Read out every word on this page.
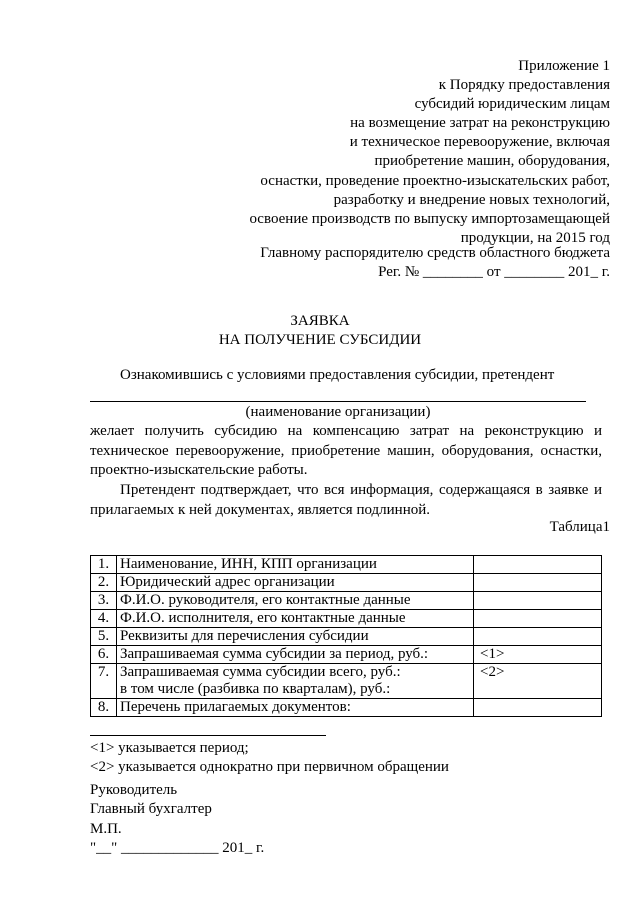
Приложение 1
к Порядку предоставления
субсидий юридическим лицам
на возмещение затрат на реконструкцию
и техническое перевооружение, включая
приобретение машин, оборудования,
оснастки, проведение проектно-изыскательских работ,
разработку и внедрение новых технологий,
освоение производств по выпуску импортозамещающей
продукции, на 2015 год
Главному распорядителю средств областного бюджета
Рег. № ________ от ________ 201_ г.
ЗАЯВКА
НА ПОЛУЧЕНИЕ СУБСИДИИ

Ознакомившись с условиями предоставления субсидии, претендент

(наименование организации)

желает получить субсидию на компенсацию затрат на реконструкцию и техническое перевооружение, приобретение машин, оборудования, оснастки, проектно-изыскательские работы.

Претендент подтверждает, что вся информация, содержащаяся в заявке и прилагаемых к ней документах, является подлинной.

Таблица1
1.	Наименование, ИНН, КПП организации	
2.	Юридический адрес организации	
3.	Ф.И.О. руководителя, его контактные данные	
4.	Ф.И.О. исполнителя, его контактные данные	
5.	Реквизиты для перечисления субсидии	
6.	Запрашиваемая сумма субсидии за период, руб.:	<1>
7.	Запрашиваемая сумма субсидии всего, руб.:
в том числе (разбивка по кварталам), руб.:	<2>
8.	Перечень прилагаемых документов:	
<1> указывается период;
<2> указывается однократно при первичном обращении
Руководитель
Главный бухгалтер
М.П.
"__" _____________ 201_ г.
